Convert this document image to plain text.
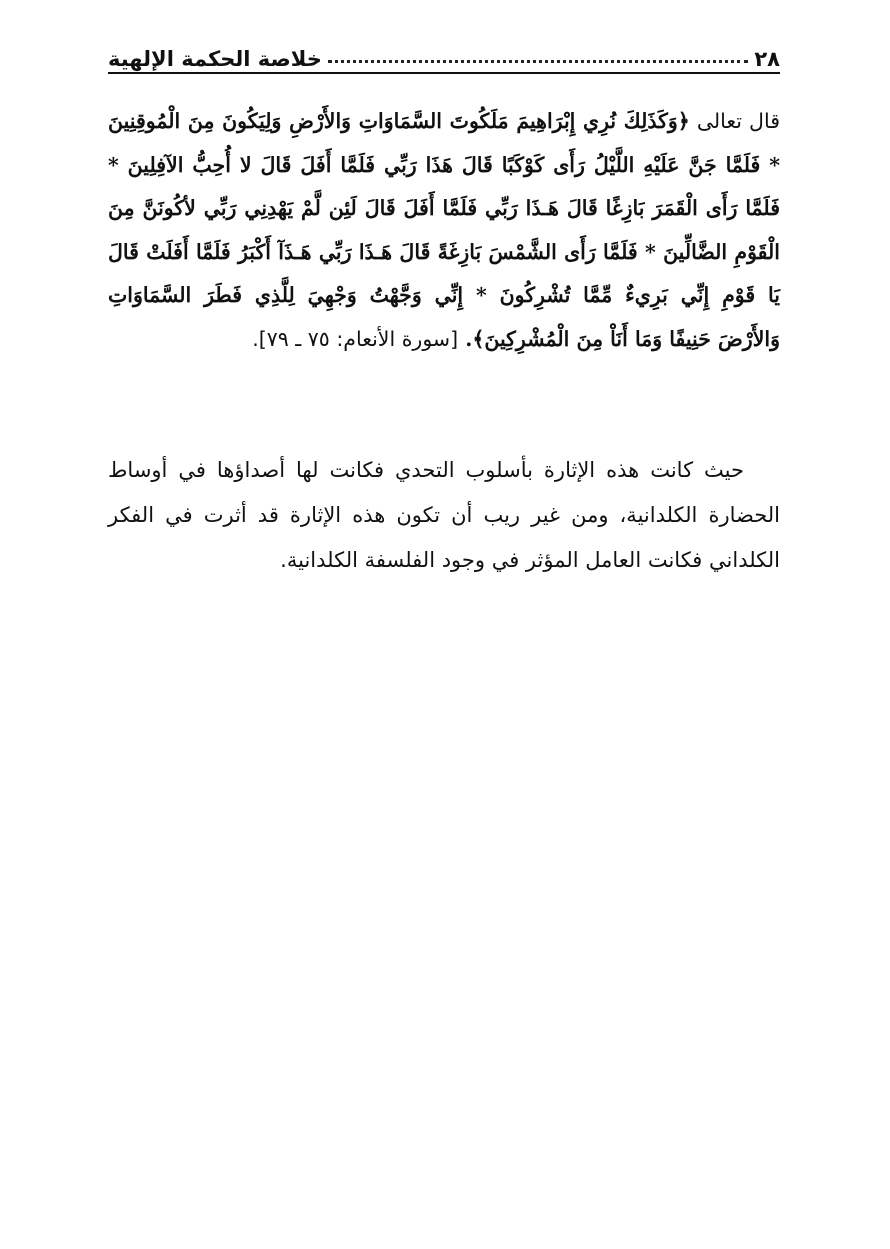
٢٨
خلاصة الحكمة الإلهية
قال تعالى ﴿وَكَذَلِكَ نُرِي إِبْرَاهِيمَ مَلَكُوتَ السَّمَاوَاتِ وَالأَرْضِ وَلِيَكُونَ مِنَ الْمُوقِنِينَ * فَلَمَّا جَنَّ عَلَيْهِ اللَّيْلُ رَأَى كَوْكَبًا قَالَ هَذَا رَبِّي فَلَمَّا أَفَلَ قَالَ لا أُحِبُّ الآفِلِينَ * فَلَمَّا رَأَى الْقَمَرَ بَازِغًا قَالَ هَـذَا رَبِّي فَلَمَّا أَفَلَ قَالَ لَئِن لَّمْ يَهْدِنِي رَبِّي لأكُونَنَّ مِنَ الْقَوْمِ الضَّالِّينَ * فَلَمَّا رَأَى الشَّمْسَ بَازِغَةً قَالَ هَـذَا رَبِّي هَـذَآ أَكْبَرُ فَلَمَّا أَفَلَتْ قَالَ يَا قَوْمِ إِنِّي بَرِيءٌ مِّمَّا تُشْرِكُونَ * إِنِّي وَجَّهْتُ وَجْهِيَ لِلَّذِي فَطَرَ السَّمَاوَاتِ وَالأَرْضَ حَنِيفًا وَمَا أَنَاْ مِنَ الْمُشْرِكِينَ﴾. [سورة الأنعام: ٧٥ ـ ٧٩].

حيث كانت هذه الإثارة بأسلوب التحدي فكانت لها أصداؤها في أوساط الحضارة الكلدانية، ومن غير ريب أن تكون هذه الإثارة قد أثرت في الفكر الكلداني فكانت العامل المؤثر في وجود الفلسفة الكلدانية.
